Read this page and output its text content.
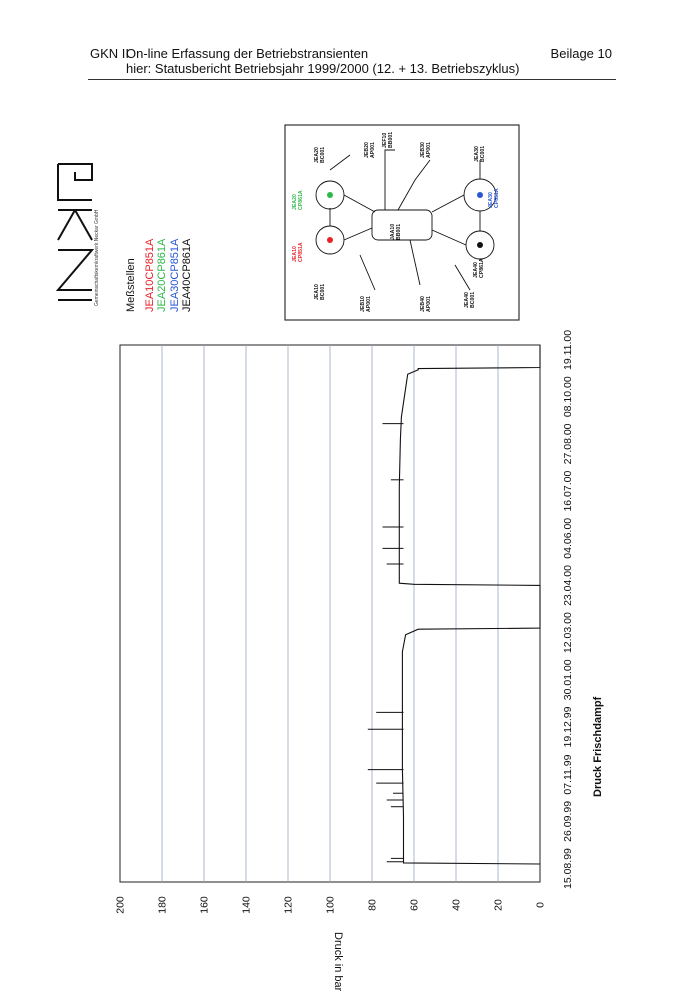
GKN II
On-line Erfassung der Betriebstransienten
hier: Statusbericht Betriebsjahr 1999/2000 (12. + 13. Betriebszyklus)
Beilage 10
Gemeinschaftskernkraftwerk Neckar GmbH Meßstellen JEA10CP851A JEA20CP861A JEA30CP851A JEA40CP861A	JEA10BC001
JEB10AP001	JEB40AP001	JEA40BC001
JEA40CP861A
JEA10CP851A
JEA20CP861A
JAA10BB001
JEA20BC001	JEB20AP001
JEF10BB001
JEB30AP001	JEA30BC001
JEA30CP851A
0
20
40
60
80
100
120
140
160
180
200
15.08.99
26.09.99
07.11.99
19.12.99
30.01.00
12.03.00
23.04.00
04.06.00
16.07.00
27.08.00
08.10.00
19.11.00
Druck Frischdampf
Druck in bar
